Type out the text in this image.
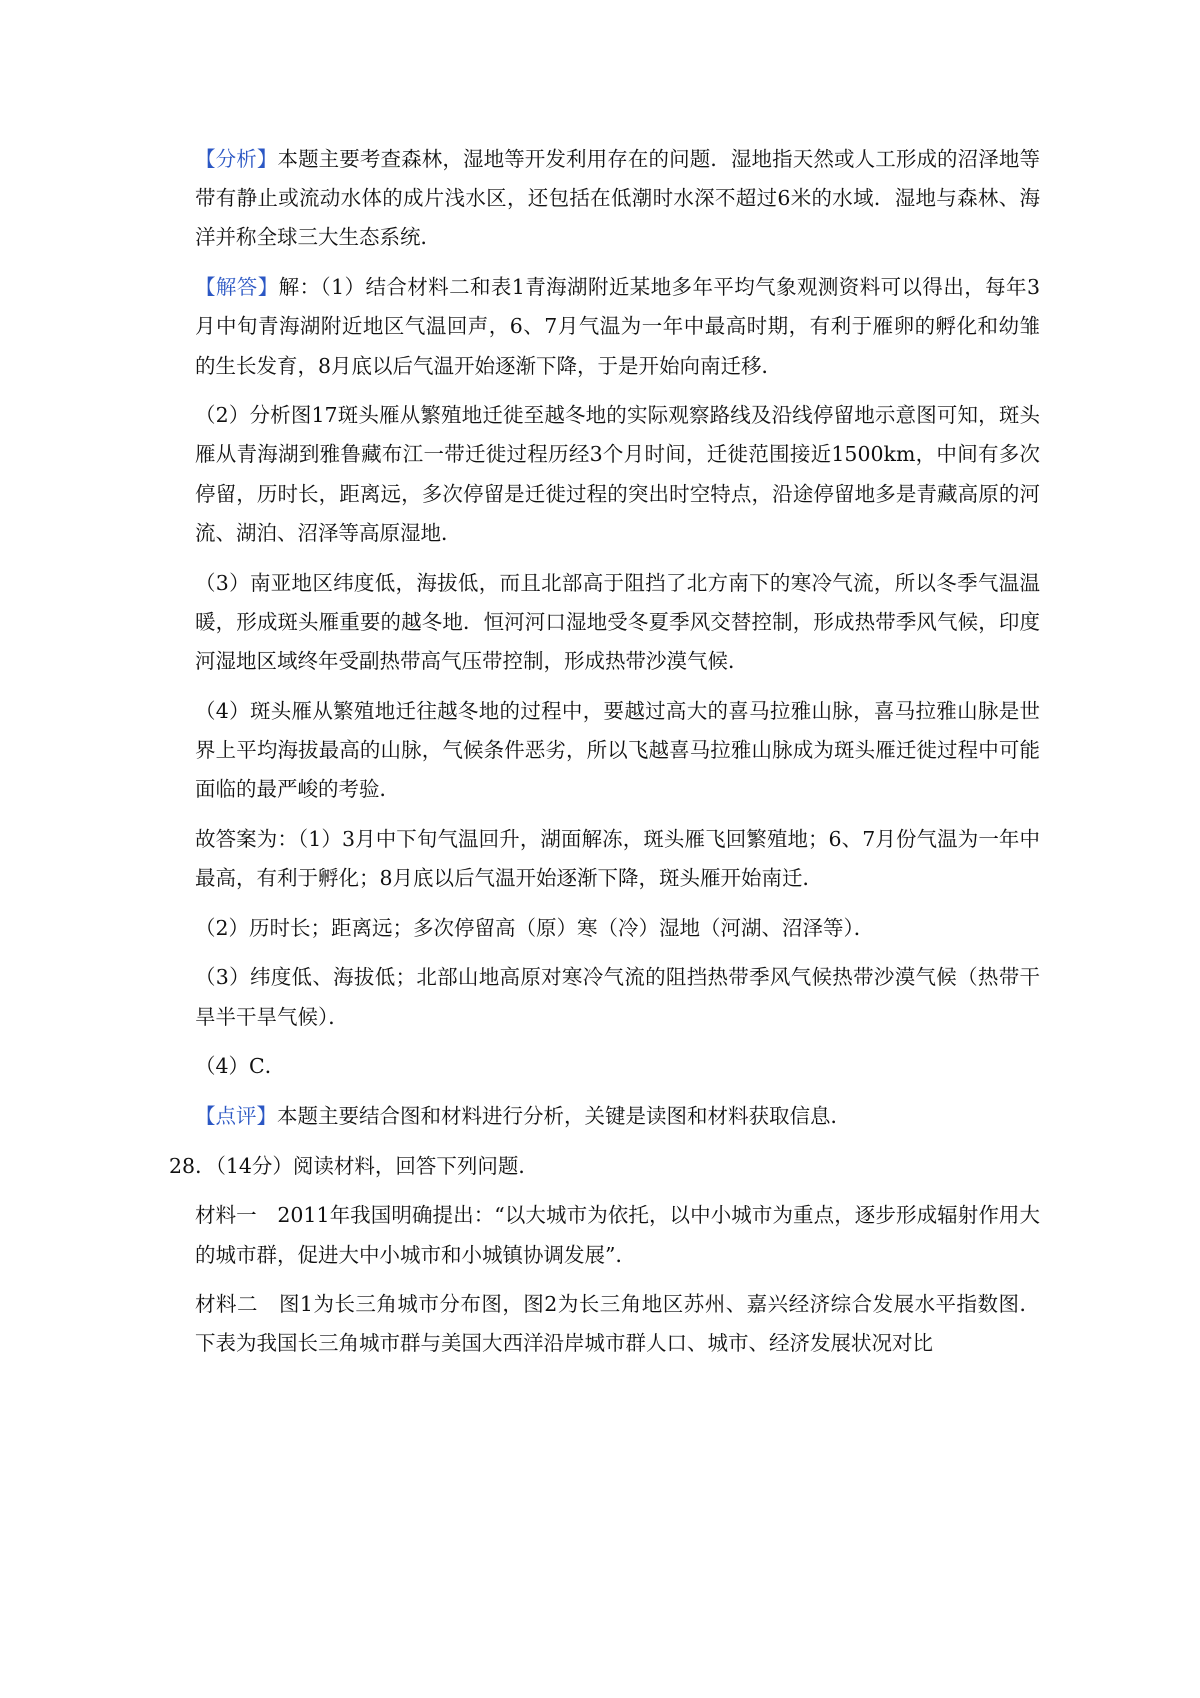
【分析】本题主要考查森林，湿地等开发利用存在的问题．湿地指天然或人工形成的沼泽地等带有静止或流动水体的成片浅水区，还包括在低潮时水深不超过6米的水域．湿地与森林、海洋并称全球三大生态系统．

【解答】解：（1）结合材料二和表1青海湖附近某地多年平均气象观测资料可以得出，每年3月中旬青海湖附近地区气温回声，6、7月气温为一年中最高时期，有利于雁卵的孵化和幼雏的生长发育，8月底以后气温开始逐渐下降，于是开始向南迁移．

（2）分析图17斑头雁从繁殖地迁徙至越冬地的实际观察路线及沿线停留地示意图可知，斑头雁从青海湖到雅鲁藏布江一带迁徙过程历经3个月时间，迁徙范围接近1500km，中间有多次停留，历时长，距离远，多次停留是迁徙过程的突出时空特点，沿途停留地多是青藏高原的河流、湖泊、沼泽等高原湿地．

（3）南亚地区纬度低，海拔低，而且北部高于阻挡了北方南下的寒冷气流，所以冬季气温温暖，形成斑头雁重要的越冬地．恒河河口湿地受冬夏季风交替控制，形成热带季风气候，印度河湿地区域终年受副热带高气压带控制，形成热带沙漠气候．

（4）斑头雁从繁殖地迁往越冬地的过程中，要越过高大的喜马拉雅山脉，喜马拉雅山脉是世界上平均海拔最高的山脉，气候条件恶劣，所以飞越喜马拉雅山脉成为斑头雁迁徙过程中可能面临的最严峻的考验．

故答案为：（1）3月中下旬气温回升，湖面解冻，斑头雁飞回繁殖地；6、7月份气温为一年中最高，有利于孵化；8月底以后气温开始逐渐下降，斑头雁开始南迁．

（2）历时长；距离远；多次停留高（原）寒（冷）湿地（河湖、沼泽等）．

（3）纬度低、海拔低；北部山地高原对寒冷气流的阻挡热带季风气候热带沙漠气候（热带干旱半干旱气候）．

（4）C．

【点评】本题主要结合图和材料进行分析，关键是读图和材料获取信息．

28．（14分）阅读材料，回答下列问题．

材料一　2011年我国明确提出：“以大城市为依托，以中小城市为重点，逐步形成辐射作用大的城市群，促进大中小城市和小城镇协调发展”．

材料二　图1为长三角城市分布图，图2为长三角地区苏州、嘉兴经济综合发展水平指数图．下表为我国长三角城市群与美国大西洋沿岸城市群人口、城市、经济发展状况对比
